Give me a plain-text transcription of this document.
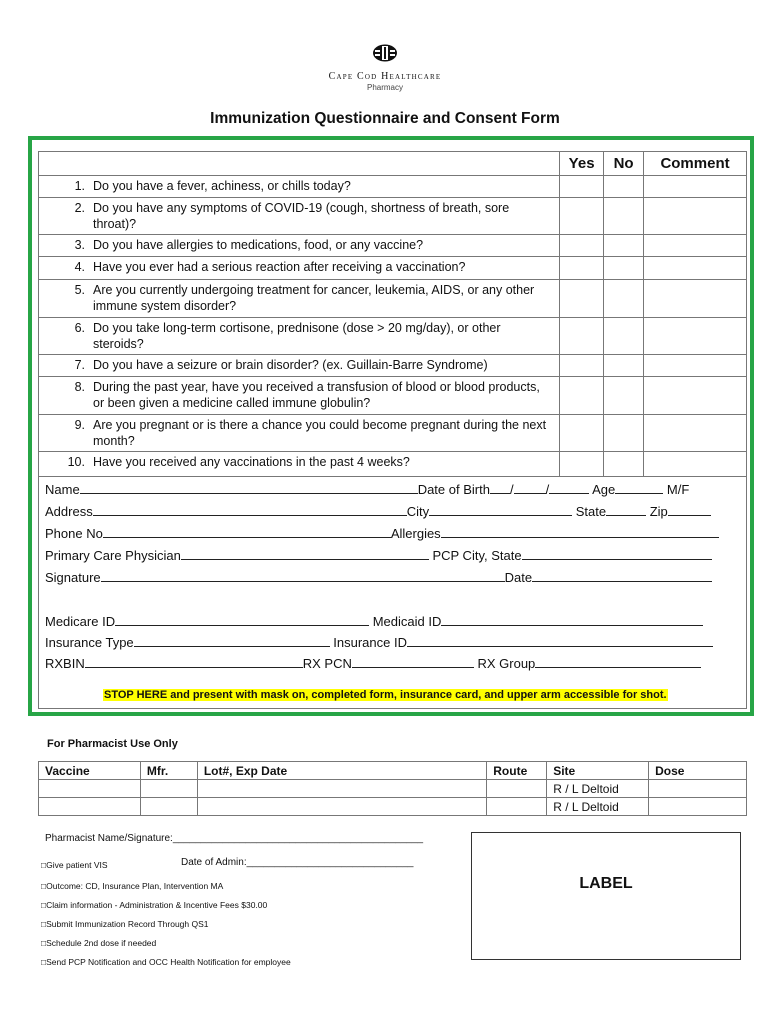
Cape Cod Healthcare
Pharmacy
Immunization Questionnaire and Consent Form
	Yes	No	Comment

1. Do you have a fever, achiness, or chills today?			

2. Do you have any symptoms of COVID-19 (cough, shortness of breath, sore throat)?			

3. Do you have allergies to medications, food, or any vaccine?			

4. Have you ever had a serious reaction after receiving a vaccination?			

5. Are you currently undergoing treatment for cancer, leukemia, AIDS, or any other immune system disorder?			

6. Do you take long-term cortisone, prednisone (dose > 20 mg/day), or other steroids?			

7. Do you have a seizure or brain disorder? (ex. Guillain-Barre Syndrome)			

8. During the past year, have you received a transfusion of blood or blood products, or been given a medicine called immune globulin?			

9. Are you pregnant or is there a chance you could become pregnant during the next month?			

10. Have you received any vaccinations in the past 4 weeks?			

Name	Date of Birth / /	Age	M/F
Address	City	State	Zip
Phone No	Allergies
Primary Care Physician	PCP City, State
Signature	Date
Medicare ID	Medicaid ID
Insurance Type	Insurance ID
RXBIN	RX PCN	RX Group
STOP HERE and present with mask on, completed form, insurance card, and upper arm accessible for shot.
For Pharmacist Use Only
Vaccine	Mfr.	Lot#, Exp Date	Route	Site	Dose
				R / L Deltoid	
				R / L Deltoid	
Pharmacist Name/Signature:_____________________________________________
Date of Admin:______________________________
□Give patient VIS
□Outcome: CD, Insurance Plan, Intervention MA
□Claim information - Administration & Incentive Fees $30.00
□Submit Immunization Record Through QS1
□Schedule 2nd dose if needed
□Send PCP Notification and OCC Health Notification for employee
LABEL
